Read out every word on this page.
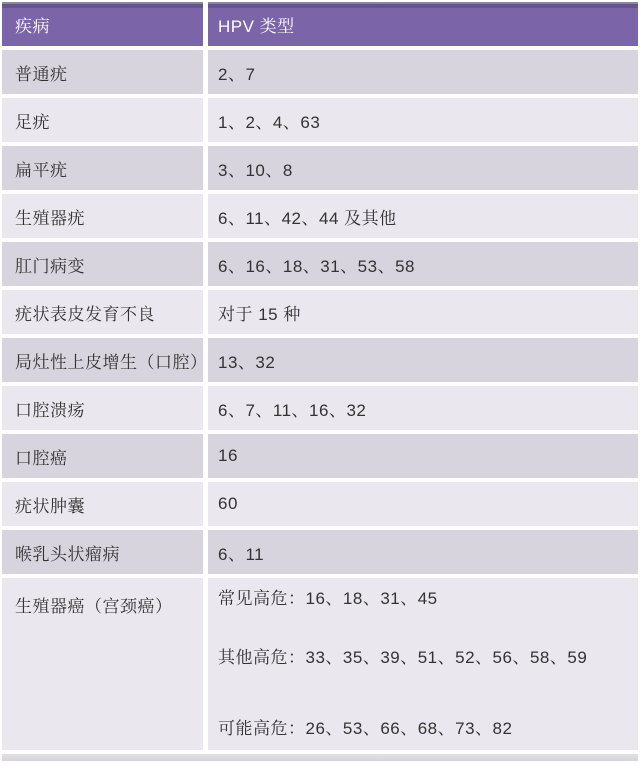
疾病	HPV 类型
普通疣	2、7
足疣	1、2、4、63
扁平疣	3、10、8
生殖器疣	6、11、42、44 及其他
肛门病变	6、16、18、31、53、58
疣状表皮发育不良	对于 15 种
局灶性上皮增生（口腔） 13、32
口腔溃疡	6、7、11、16、32
口腔癌	16
疣状肿囊	60
喉乳头状瘤病	6、11
生殖器癌（宫颈癌）	常见高危：16、18、31、45
其他高危：33、35、39、51、52、56、58、59
可能高危：26、53、66、68、73、82
